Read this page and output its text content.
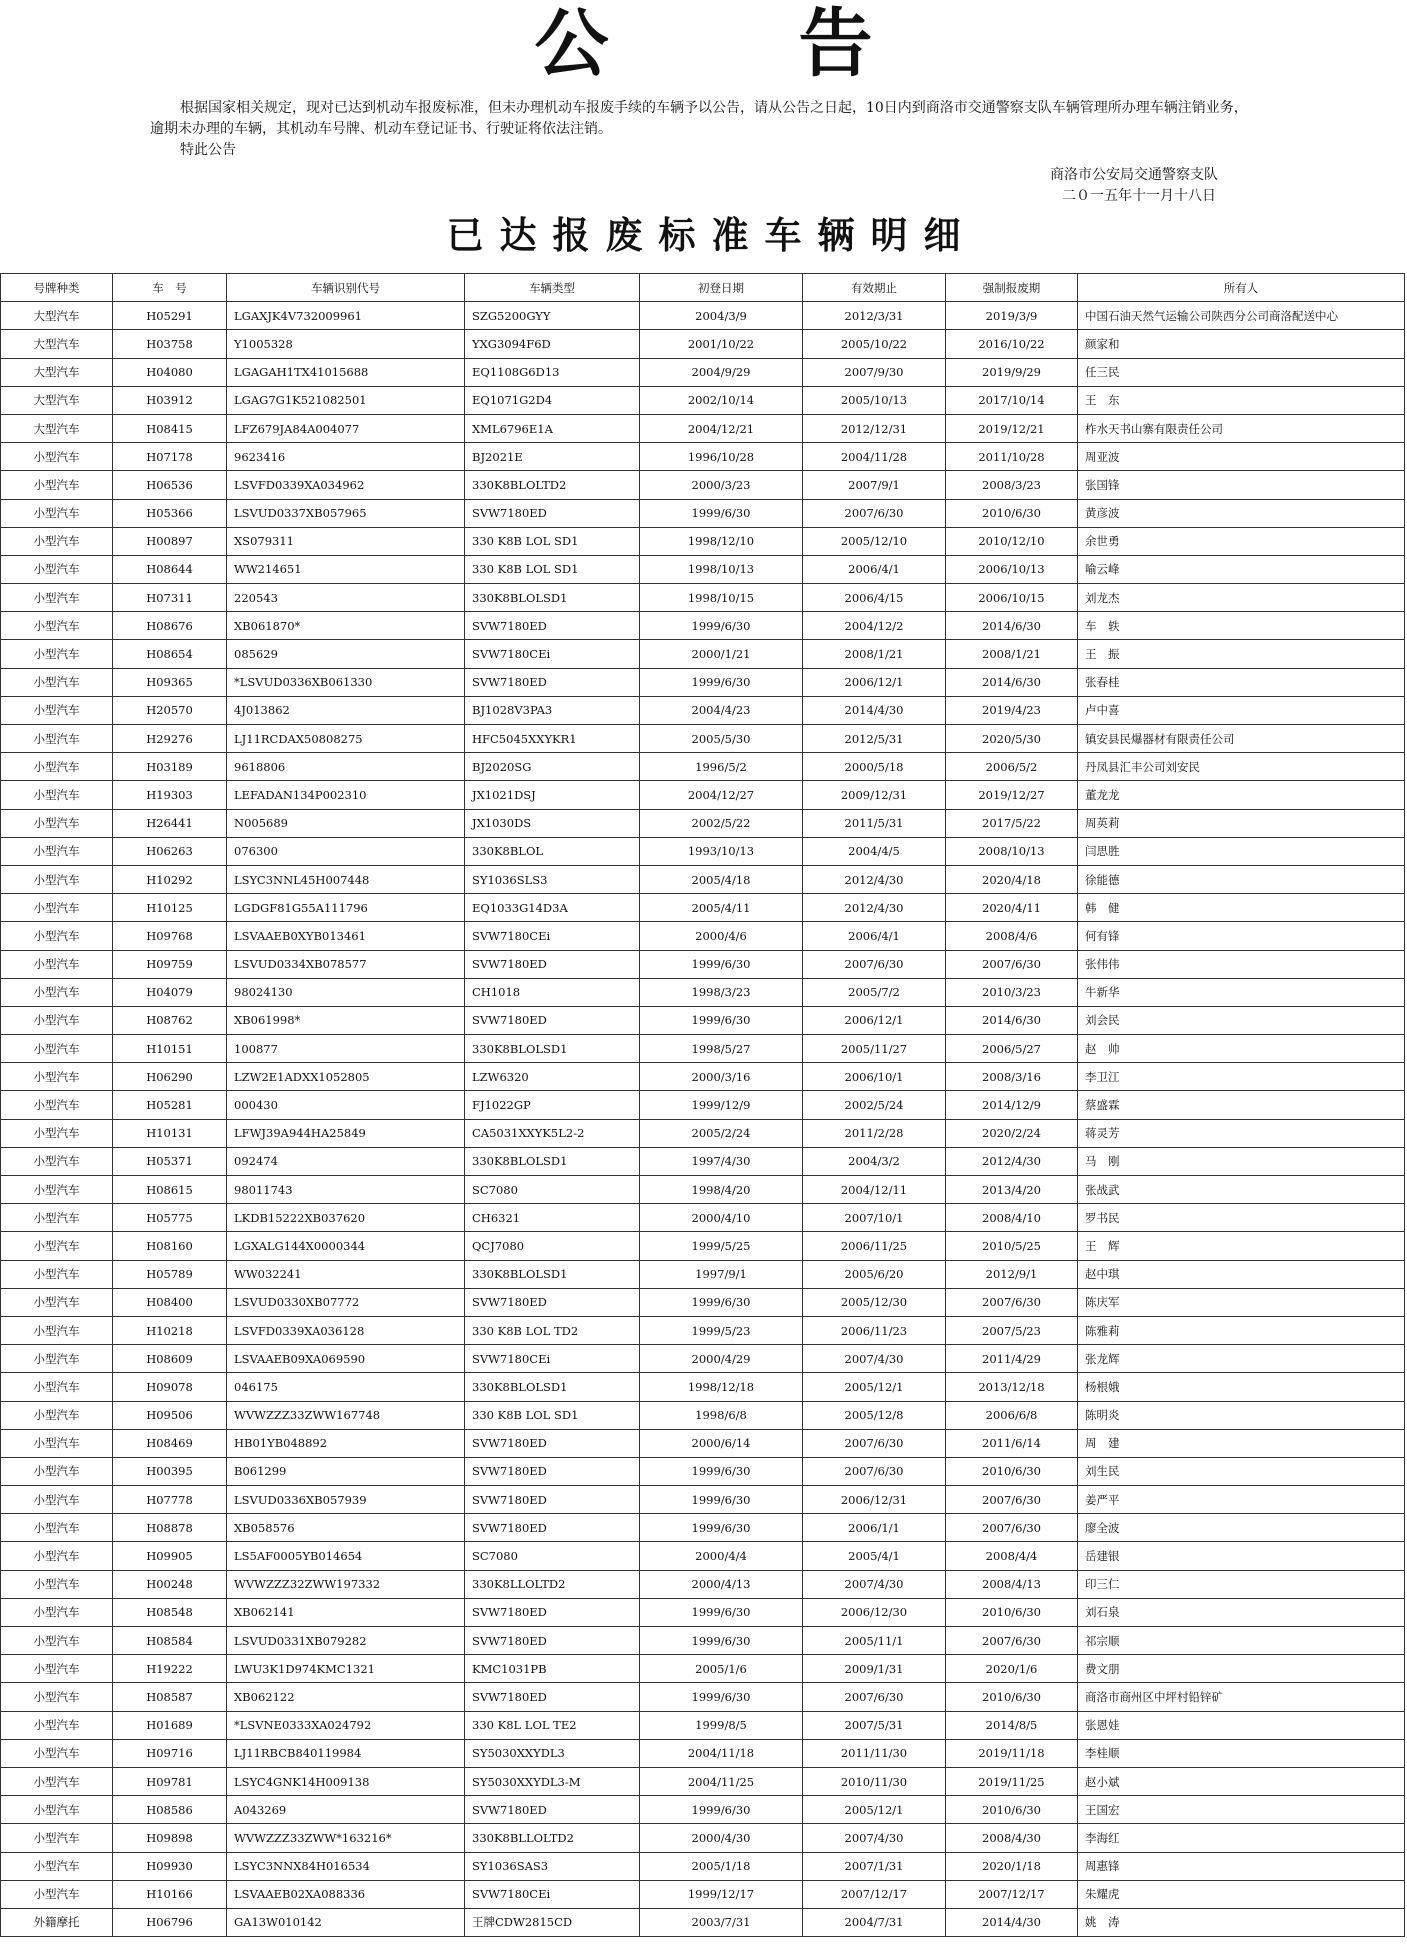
公告

根据国家相关规定，现对已达到机动车报废标准，但未办理机动车报废手续的车辆予以公告，请从公告之日起，10日内到商洛市交通警察支队车辆管理所办理车辆注销业务，逾期未办理的车辆，其机动车号牌、机动车登记证书、行驶证将依法注销。

特此公告

商洛市公安局交通警察支队
二０一五年十一月十八日
已达报废标准车辆明细
号牌种类	车　号	车辆识别代号	车辆类型	初登日期	有效期止	强制报废期	所有人
大型汽车	H05291	LGAXJK4V732009961	SZG5200GYY	2004/3/9	2012/3/31	2019/3/9	中国石油天然气运输公司陕西分公司商洛配送中心
大型汽车	H03758	Y1005328	YXG3094F6D	2001/10/22	2005/10/22	2016/10/22	颜家和
大型汽车	H04080	LGAGAH1TX41015688	EQ1108G6D13	2004/9/29	2007/9/30	2019/9/29	任三民
大型汽车	H03912	LGAG7G1K521082501	EQ1071G2D4	2002/10/14	2005/10/13	2017/10/14	王　东
大型汽车	H08415	LFZ679JA84A004077	XML6796E1A	2004/12/21	2012/12/31	2019/12/21	柞水天书山寨有限责任公司
小型汽车	H07178	9623416	BJ2021E	1996/10/28	2004/11/28	2011/10/28	周亚波
小型汽车	H06536	LSVFD0339XA034962	330K8BLOLTD2	2000/3/23	2007/9/1	2008/3/23	张国锋
小型汽车	H05366	LSVUD0337XB057965	SVW7180ED	1999/6/30	2007/6/30	2010/6/30	黄彦波
小型汽车	H00897	XS079311	330 K8B LOL SD1	1998/12/10	2005/12/10	2010/12/10	余世勇
小型汽车	H08644	WW214651	330 K8B LOL SD1	1998/10/13	2006/4/1	2006/10/13	喻云峰
小型汽车	H07311	220543	330K8BLOLSD1	1998/10/15	2006/4/15	2006/10/15	刘龙杰
小型汽车	H08676	XB061870*	SVW7180ED	1999/6/30	2004/12/2	2014/6/30	车　轶
小型汽车	H08654	085629	SVW7180CEi	2000/1/21	2008/1/21	2008/1/21	王　振
小型汽车	H09365	*LSVUD0336XB061330	SVW7180ED	1999/6/30	2006/12/1	2014/6/30	张春桂
小型汽车	H20570	4J013862	BJ1028V3PA3	2004/4/23	2014/4/30	2019/4/23	卢中喜
小型汽车	H29276	LJ11RCDAX50808275	HFC5045XXYKR1	2005/5/30	2012/5/31	2020/5/30	镇安县民爆器材有限责任公司
小型汽车	H03189	9618806	BJ2020SG	1996/5/2	2000/5/18	2006/5/2	丹凤县汇丰公司刘安民
小型汽车	H19303	LEFADAN134P002310	JX1021DSJ	2004/12/27	2009/12/31	2019/12/27	董龙龙
小型汽车	H26441	N005689	JX1030DS	2002/5/22	2011/5/31	2017/5/22	周英莉
小型汽车	H06263	076300	330K8BLOL	1993/10/13	2004/4/5	2008/10/13	闫思胜
小型汽车	H10292	LSYC3NNL45H007448	SY1036SLS3	2005/4/18	2012/4/30	2020/4/18	徐能德
小型汽车	H10125	LGDGF81G55A111796	EQ1033G14D3A	2005/4/11	2012/4/30	2020/4/11	韩　健
小型汽车	H09768	LSVAAEB0XYB013461	SVW7180CEi	2000/4/6	2006/4/1	2008/4/6	何有锋
小型汽车	H09759	LSVUD0334XB078577	SVW7180ED	1999/6/30	2007/6/30	2007/6/30	张伟伟
小型汽车	H04079	98024130	CH1018	1998/3/23	2005/7/2	2010/3/23	牛新华
小型汽车	H08762	XB061998*	SVW7180ED	1999/6/30	2006/12/1	2014/6/30	刘会民
小型汽车	H10151	100877	330K8BLOLSD1	1998/5/27	2005/11/27	2006/5/27	赵　帅
小型汽车	H06290	LZW2E1ADXX1052805	LZW6320	2000/3/16	2006/10/1	2008/3/16	李卫江
小型汽车	H05281	000430	FJ1022GP	1999/12/9	2002/5/24	2014/12/9	蔡盛霖
小型汽车	H10131	LFWJ39A944HA25849	CA5031XXYK5L2-2	2005/2/24	2011/2/28	2020/2/24	蒋灵芳
小型汽车	H05371	092474	330K8BLOLSD1	1997/4/30	2004/3/2	2012/4/30	马　刚
小型汽车	H08615	98011743	SC7080	1998/4/20	2004/12/11	2013/4/20	张战武
小型汽车	H05775	LKDB15222XB037620	CH6321	2000/4/10	2007/10/1	2008/4/10	罗书民
小型汽车	H08160	LGXALG144X0000344	QCJ7080	1999/5/25	2006/11/25	2010/5/25	王　辉
小型汽车	H05789	WW032241	330K8BLOLSD1	1997/9/1	2005/6/20	2012/9/1	赵中琪
小型汽车	H08400	LSVUD0330XB07772	SVW7180ED	1999/6/30	2005/12/30	2007/6/30	陈庆军
小型汽车	H10218	LSVFD0339XA036128	330 K8B LOL TD2	1999/5/23	2006/11/23	2007/5/23	陈雅莉
小型汽车	H08609	LSVAAEB09XA069590	SVW7180CEi	2000/4/29	2007/4/30	2011/4/29	张龙辉
小型汽车	H09078	046175	330K8BLOLSD1	1998/12/18	2005/12/1	2013/12/18	杨根娥
小型汽车	H09506	WVWZZZ33ZWW167748	330 K8B LOL SD1	1998/6/8	2005/12/8	2006/6/8	陈明炎
小型汽车	H08469	HB01YB048892	SVW7180ED	2000/6/14	2007/6/30	2011/6/14	周　建
小型汽车	H00395	B061299	SVW7180ED	1999/6/30	2007/6/30	2010/6/30	刘生民
小型汽车	H07778	LSVUD0336XB057939	SVW7180ED	1999/6/30	2006/12/31	2007/6/30	姜严平
小型汽车	H08878	XB058576	SVW7180ED	1999/6/30	2006/1/1	2007/6/30	廖全波
小型汽车	H09905	LS5AF0005YB014654	SC7080	2000/4/4	2005/4/1	2008/4/4	岳建银
小型汽车	H00248	WVWZZZ32ZWW197332	330K8LLOLTD2	2000/4/13	2007/4/30	2008/4/13	印三仁
小型汽车	H08548	XB062141	SVW7180ED	1999/6/30	2006/12/30	2010/6/30	刘石泉
小型汽车	H08584	LSVUD0331XB079282	SVW7180ED	1999/6/30	2005/11/1	2007/6/30	祁宗顺
小型汽车	H19222	LWU3K1D974KMC1321	KMC1031PB	2005/1/6	2009/1/31	2020/1/6	费文朋
小型汽车	H08587	XB062122	SVW7180ED	1999/6/30	2007/6/30	2010/6/30	商洛市商州区中坪村铅锌矿
小型汽车	H01689	*LSVNE0333XA024792	330 K8L LOL TE2	1999/8/5	2007/5/31	2014/8/5	张恩娃
小型汽车	H09716	LJ11RBCB840119984	SY5030XXYDL3	2004/11/18	2011/11/30	2019/11/18	李桂顺
小型汽车	H09781	LSYC4GNK14H009138	SY5030XXYDL3-M	2004/11/25	2010/11/30	2019/11/25	赵小斌
小型汽车	H08586	A043269	SVW7180ED	1999/6/30	2005/12/1	2010/6/30	王国宏
小型汽车	H09898	WVWZZZ33ZWW*163216*	330K8BLLOLTD2	2000/4/30	2007/4/30	2008/4/30	李海红
小型汽车	H09930	LSYC3NNX84H016534	SY1036SAS3	2005/1/18	2007/1/31	2020/1/18	周惠锋
小型汽车	H10166	LSVAAEB02XA088336	SVW7180CEi	1999/12/17	2007/12/17	2007/12/17	朱耀虎
外籍摩托	H06796	GA13W010142	王牌CDW2815CD	2003/7/31	2004/7/31	2014/4/30	姚　涛
